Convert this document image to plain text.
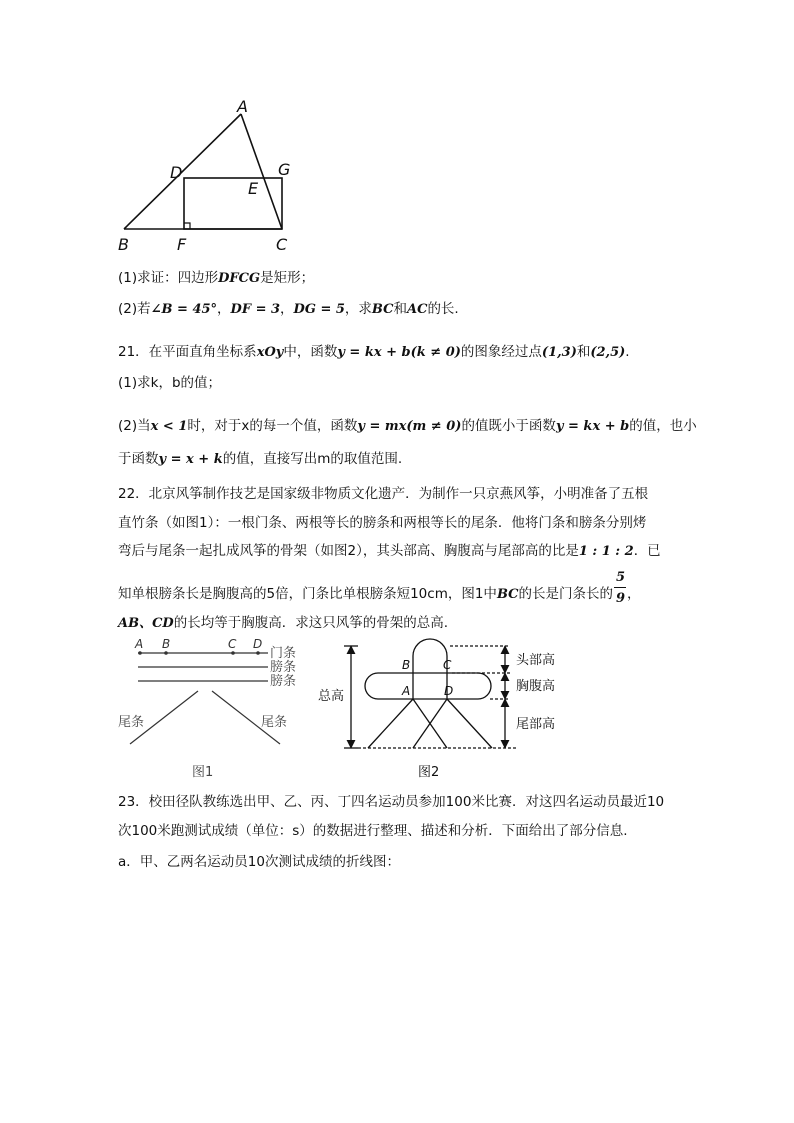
A
D	G
E
B	F	C
(1)求证：四边形DFCG是矩形；
(2)若∠B = 45°，DF = 3，DG = 5，求BC和AC的长.
21．在平面直角坐标系xOy中，函数y = kx + b(k ≠ 0)的图象经过点(1,3)和(2,5).
(1)求k，b的值；
(2)当x < 1时，对于x的每一个值，函数y = mx(m ≠ 0)的值既小于函数y = kx + b的值，也小
于函数y = x + k的值，直接写出m的取值范围.
22．北京风筝制作技艺是国家级非物质文化遗产．为制作一只京燕风筝，小明准备了五根
直竹条（如图1）：一根门条、两根等长的膀条和两根等长的尾条．他将门条和膀条分别烤
弯后与尾条一起扎成风筝的骨架（如图2），其头部高、胸腹高与尾部高的比是1 : 1 : 2．已
知单根膀条长是胸腹高的5倍，门条比单根膀条短10cm，图1中BC的长是门条长的 $\frac{5}{9}$ ，
AB、CD的长均等于胸腹高．求这只风筝的骨架的总高.
A B	C D
门条
膀条
膀条
尾条	尾条
图1
B	C
A	D
总高
头部高
胸腹高
尾部高
图2
23．校田径队教练选出甲、乙、丙、丁四名运动员参加100米比赛．对这四名运动员最近10
次100米跑测试成绩（单位：s）的数据进行整理、描述和分析．下面给出了部分信息.
a．甲、乙两名运动员10次测试成绩的折线图：
